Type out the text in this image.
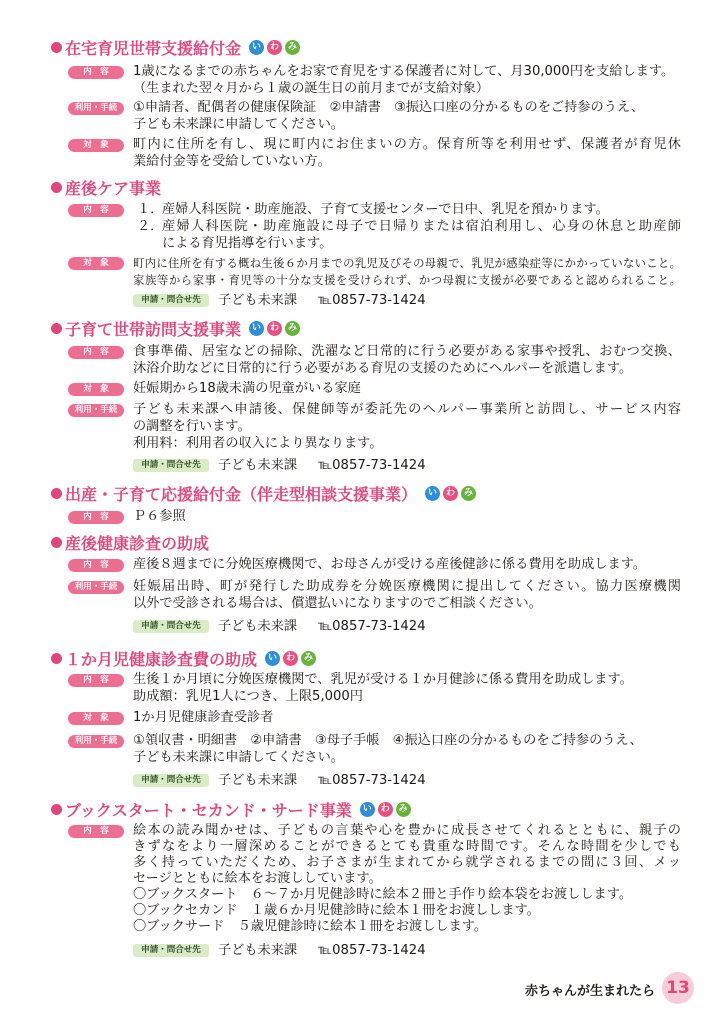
在宅育児世帯支援給付金	い わ み
内　容	1歳になるまでの赤ちゃんをお家で育児をする保護者に対して、月30,000円を支給します。
（生まれた翌々月から１歳の誕生日の前月までが支給対象）
利用・手続	①申請者、配偶者の健康保険証　②申請書　③振込口座の分かるものをご持参のうえ、
子ども未来課に申請してください。
対　象	町内に住所を有し、現に町内にお住まいの方。保育所等を利用せず、保護者が育児休
業給付金等を受給していない方。
産後ケア事業
内　容	１．
産婦人科医院・助産施設、子育て支援センターで日中、乳児を預かります。
２．
産婦人科医院・助産施設に母子で日帰りまたは宿泊利用し、心身の休息と助産師
による育児指導を行います。
対　象	町内に住所を有する概ね生後６か月までの乳児及びその母親で、乳児が感染症等にかかっていないこと。
家族等から家事・育児等の十分な支援を受けられず、かつ母親に支援が必要であると認められること。
申請・問合せ先	子ども未来課 ℡0857-73-1424
子育て世帯訪問支援事業	い わ み
内　容	食事準備、居室などの掃除、洗濯など日常的に行う必要がある家事や授乳、おむつ交換、
沐浴介助などに日常的に行う必要がある育児の支援のためにヘルパーを派遣します。
対　象	妊娠期から18歳未満の児童がいる家庭
利用・手続	子ども未来課へ申請後、保健師等が委託先のヘルパー事業所と訪問し、サービス内容
の調整を行います。
利用料：利用者の収入により異なります。
申請・問合せ先	子ども未来課 ℡0857-73-1424
出産・子育て応援給付金（伴走型相談支援事業）	い わ み
内　容	Ｐ６参照
産後健康診査の助成
内　容	産後８週までに分娩医療機関で、お母さんが受ける産後健診に係る費用を助成します。
利用・手続	妊娠届出時、町が発行した助成券を分娩医療機関に提出してください。協力医療機関
以外で受診される場合は、償還払いになりますのでご相談ください。
申請・問合せ先	子ども未来課 ℡0857-73-1424
１か月児健康診査費の助成	い わ み
内　容	生後１か月頃に分娩医療機関で、乳児が受ける１か月健診に係る費用を助成します。
助成額：乳児1人につき、上限5,000円
対　象	1か月児健康診査受診者
利用・手続	①領収書・明細書　②申請書　③母子手帳　④振込口座の分かるものをご持参のうえ、
子ども未来課に申請してください。
申請・問合せ先	子ども未来課 ℡0857-73-1424
ブックスタート・セカンド・サード事業	い わ み
内　容	絵本の読み聞かせは、子どもの言葉や心を豊かに成長させてくれるとともに、親子の
きずなをより一層深めることができるとても貴重な時間です。そんな時間を少しでも
多く持っていただくため、お子さまが生まれてから就学されるまでの間に３回、メッ
セージとともに絵本をお渡ししています。
〇ブックスタート　６～７か月児健診時に絵本２冊と手作り絵本袋をお渡しします。
〇ブックセカンド　１歳６か月児健診時に絵本１冊をお渡しします。
〇ブックサード　５歳児健診時に絵本１冊をお渡しします。
申請・問合せ先	子ども未来課 ℡0857-73-1424
赤ちゃんが生まれたら 13
